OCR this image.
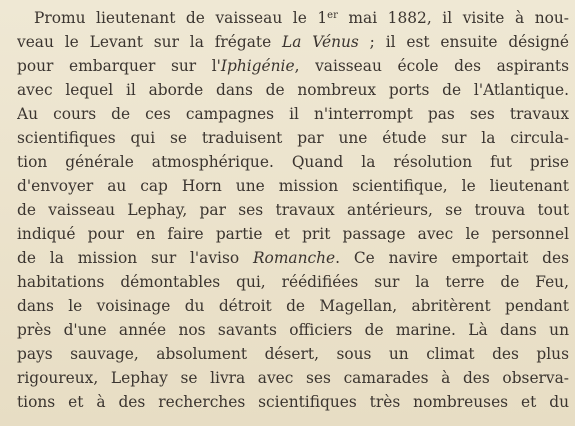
Promu lieutenant de vaisseau le 1er mai 1882, il visite à nou-
veau le Levant sur la frégate La Vénus ; il est ensuite désigné
pour embarquer sur l'Iphigénie, vaisseau école des aspirants
avec lequel il aborde dans de nombreux ports de l'Atlantique.
Au cours de ces campagnes il n'interrompt pas ses travaux
scientifiques qui se traduisent par une étude sur la circula-
tion générale atmosphérique. Quand la résolution fut prise
d'envoyer au cap Horn une mission scientifique, le lieutenant
de vaisseau Lephay, par ses travaux antérieurs, se trouva tout
indiqué pour en faire partie et prit passage avec le personnel
de la mission sur l'aviso Romanche. Ce navire emportait des
habitations démontables qui, réédifiées sur la terre de Feu,
dans le voisinage du détroit de Magellan, abritèrent pendant
près d'une année nos savants officiers de marine. Là dans un
pays sauvage, absolument désert, sous un climat des plus
rigoureux, Lephay se livra avec ses camarades à des observa-
tions et à des recherches scientifiques très nombreuses et du
